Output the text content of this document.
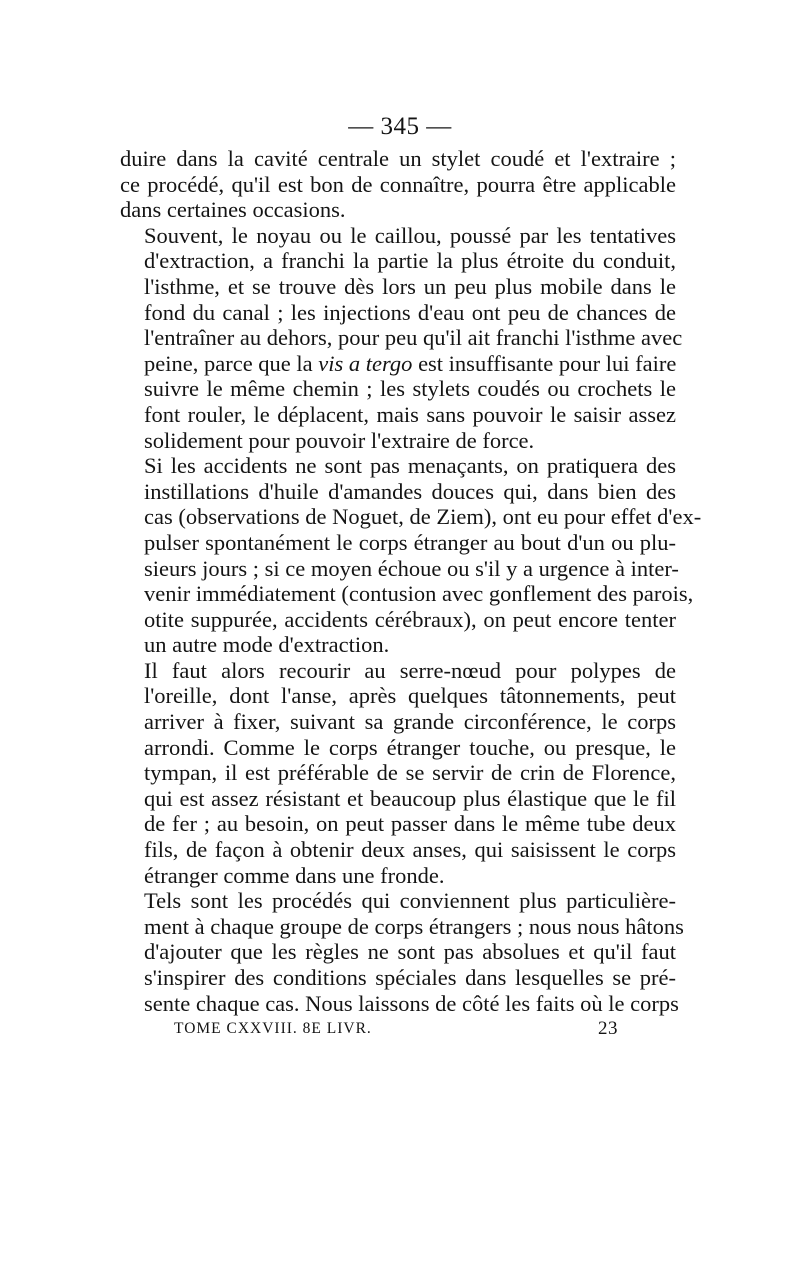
— 345 —

duire dans la cavité centrale un stylet coudé et l'extraire ;
ce procédé, qu'il est bon de connaître, pourra être applicable
dans certaines occasions.

Souvent, le noyau ou le caillou, poussé par les tentatives
d'extraction, a franchi la partie la plus étroite du conduit,
l'isthme, et se trouve dès lors un peu plus mobile dans le
fond du canal ; les injections d'eau ont peu de chances de
l'entraîner au dehors, pour peu qu'il ait franchi l'isthme avec
peine, parce que la vis a tergo est insuffisante pour lui faire
suivre le même chemin ; les stylets coudés ou crochets le
font rouler, le déplacent, mais sans pouvoir le saisir assez
solidement pour pouvoir l'extraire de force.

Si les accidents ne sont pas menaçants, on pratiquera des
instillations d'huile d'amandes douces qui, dans bien des
cas (observations de Noguet, de Ziem), ont eu pour effet d'ex-
pulser spontanément le corps étranger au bout d'un ou plu-
sieurs jours ; si ce moyen échoue ou s'il y a urgence à inter-
venir immédiatement (contusion avec gonflement des parois,
otite suppurée, accidents cérébraux), on peut encore tenter
un autre mode d'extraction.

Il faut alors recourir au serre-nœud pour polypes de
l'oreille, dont l'anse, après quelques tâtonnements, peut
arriver à fixer, suivant sa grande circonférence, le corps
arrondi. Comme le corps étranger touche, ou presque, le
tympan, il est préférable de se servir de crin de Florence,
qui est assez résistant et beaucoup plus élastique que le fil
de fer ; au besoin, on peut passer dans le même tube deux
fils, de façon à obtenir deux anses, qui saisissent le corps
étranger comme dans une fronde.

Tels sont les procédés qui conviennent plus particulière-
ment à chaque groupe de corps étrangers ; nous nous hâtons
d'ajouter que les règles ne sont pas absolues et qu'il faut
s'inspirer des conditions spéciales dans lesquelles se pré-
sente chaque cas. Nous laissons de côté les faits où le corps

TOME CXXVIII. 8E LIVR.	23
